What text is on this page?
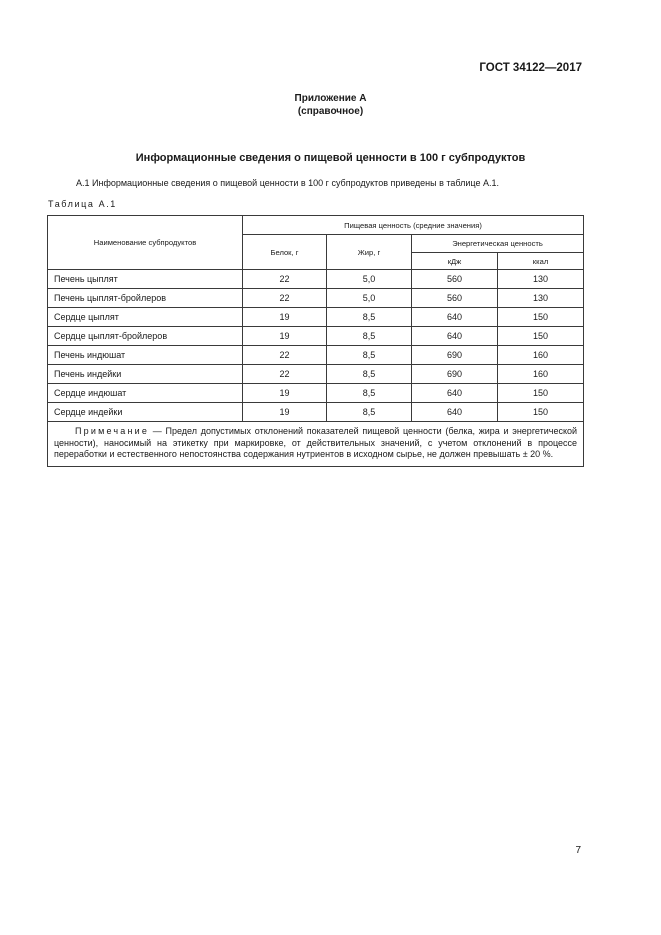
ГОСТ 34122—2017
Приложение А
(справочное)
Информационные сведения о пищевой ценности в 100 г субпродуктов
А.1 Информационные сведения о пищевой ценности в 100 г субпродуктов приведены в таблице А.1.
Таблица А.1
Наименование субпродуктов	Пищевая ценность (средние значения)			
	Белок, г	Жир, г	Энергетическая ценность	
			кДж	ккал
Печень цыплят	22	5,0	560	130
Печень цыплят-бройлеров	22	5,0	560	130
Сердце цыплят	19	8,5	640	150
Сердце цыплят-бройлеров	19	8,5	640	150
Печень индюшат	22	8,5	690	160
Печень индейки	22	8,5	690	160
Сердце индюшат	19	8,5	640	150
Сердце индейки	19	8,5	640	150
Примечание — Предел допустимых отклонений показателей пищевой ценности (белка, жира и энергетической ценности), наносимый на этикетку при маркировке, от действительных значений, с учетом отклонений в процессе переработки и естественного непостоянства содержания нутриентов в исходном сырье, не должен превышать ± 20 %.				
7
